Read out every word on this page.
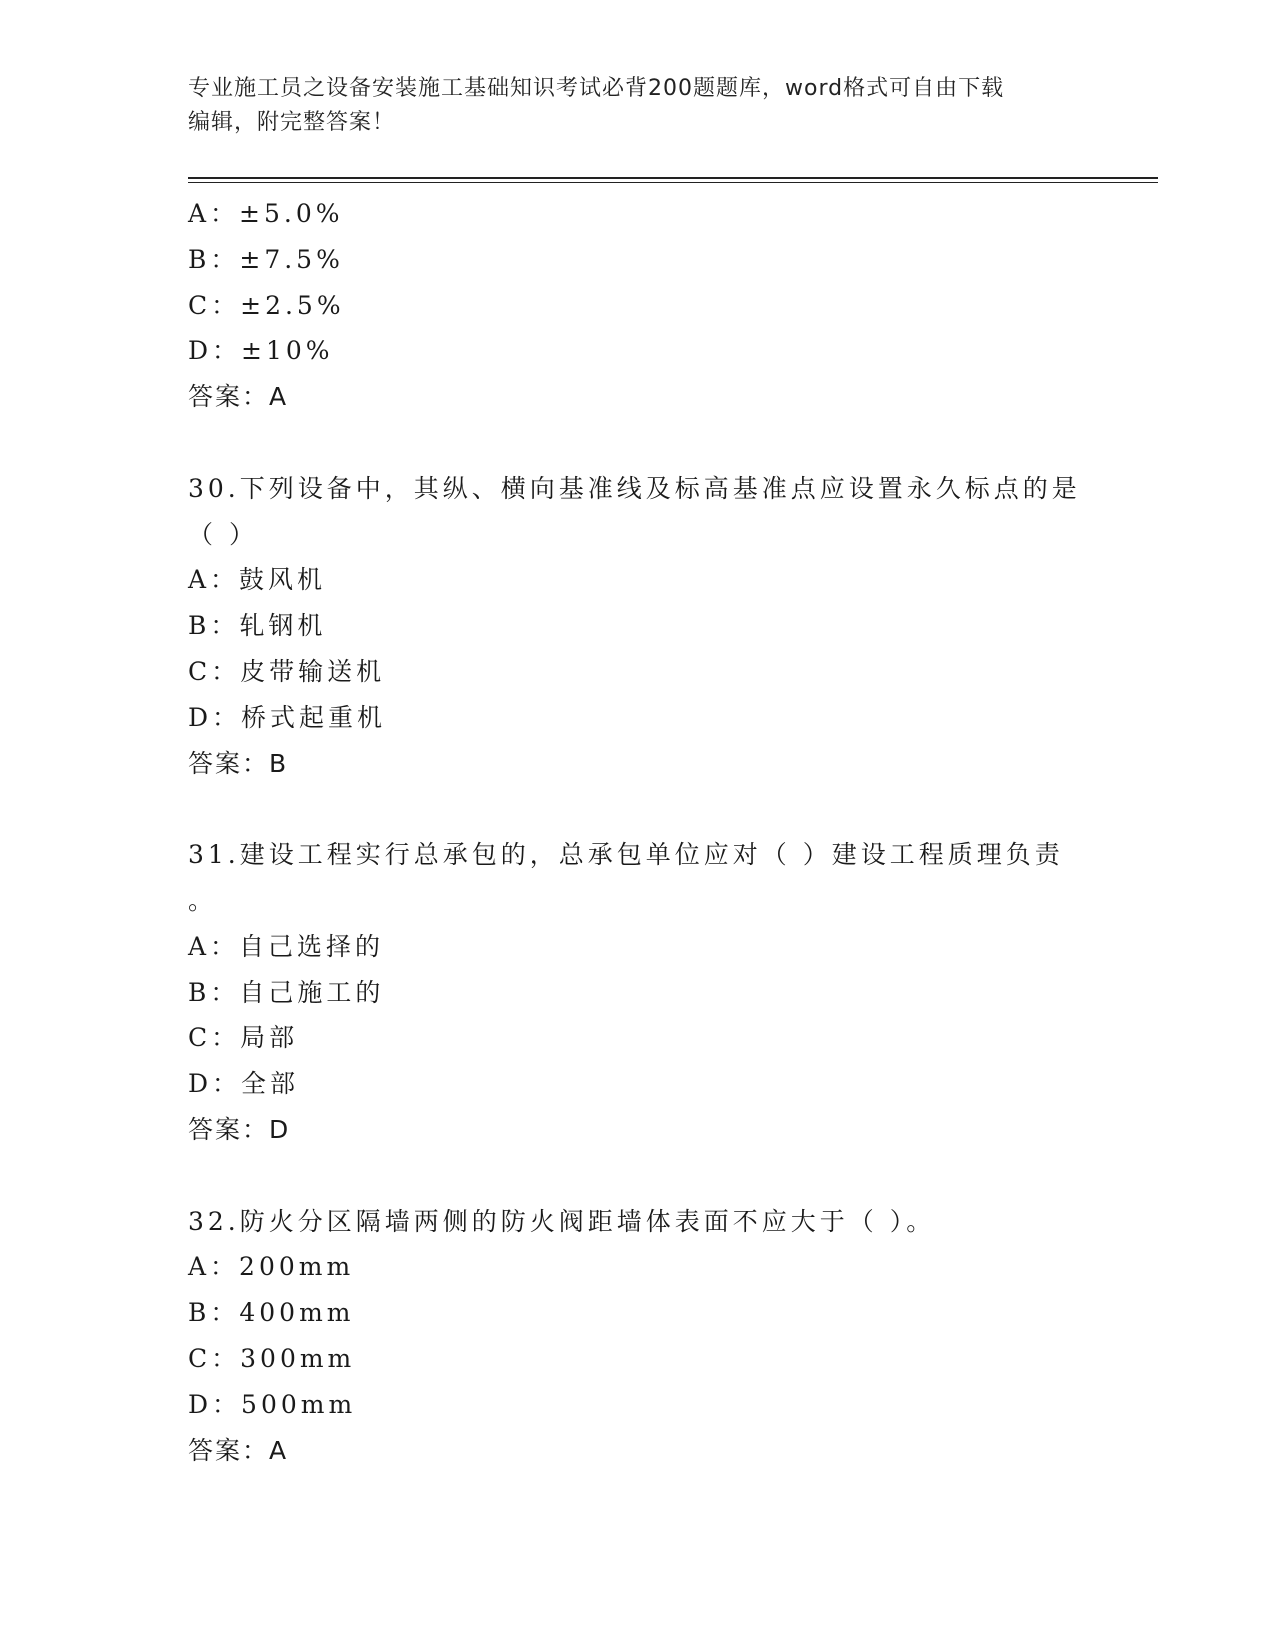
专业施工员之设备安装施工基础知识考试必背200题题库，word格式可自由下载
编辑，附完整答案！
A：±5.0%
B：±7.5%
C：±2.5%
D：±10%
答案：A
30.下列设备中，其纵、横向基准线及标高基准点应设置永久标点的是
（ ）
A：鼓风机
B：轧钢机
C：皮带输送机
D：桥式起重机
答案：B
31.建设工程实行总承包的，总承包单位应对（ ）建设工程质理负责
。
A：自己选择的
B：自己施工的
C：局部
D：全部
答案：D
32.防火分区隔墙两侧的防火阀距墙体表面不应大于（ ）。
A：200mm
B：400mm
C：300mm
D：500mm
答案：A
